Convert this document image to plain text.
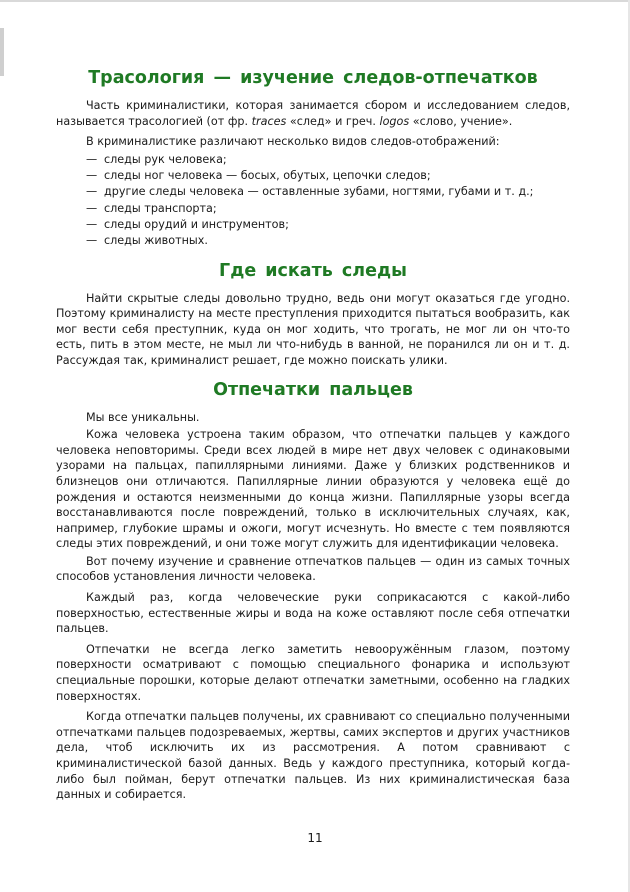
Трасология — изучение следов-отпечатков

Часть криминалистики, которая занимается сбором и исследованием следов, называется трасологией (от фр. traces «след» и греч. logos «слово, учение».

В криминалистике различают несколько видов следов-отображений:

— следы рук человека;
— следы ног человека — босых, обутых, цепочки следов;
— другие следы человека — оставленные зубами, ногтями, губами и т. д.;
— следы транспорта;
— следы орудий и инструментов;
— следы животных.
Где искать следы

Найти скрытые следы довольно трудно, ведь они могут оказаться где угодно. Поэтому криминалисту на месте преступления приходится пытаться вообразить, как мог вести себя преступник, куда он мог ходить, что трогать, не мог ли он что-то есть, пить в этом месте, не мыл ли что-нибудь в ванной, не поранился ли он и т. д. Рассуждая так, криминалист решает, где можно поискать улики.

Отпечатки пальцев

Мы все уникальны.

Кожа человека устроена таким образом, что отпечатки пальцев у каждого человека неповторимы. Среди всех людей в мире нет двух человек с одинаковыми узорами на пальцах, папиллярными линиями. Даже у близких родственников и близнецов они отличаются. Папиллярные линии образуются у человека ещё до рождения и остаются неизменными до конца жизни. Папиллярные узоры всегда восстанавливаются после повреждений, только в исключительных случаях, как, например, глубокие шрамы и ожоги, могут исчезнуть. Но вместе с тем появляются следы этих повреждений, и они тоже могут служить для идентификации человека.

Вот почему изучение и сравнение отпечатков пальцев — один из самых точных способов установления личности человека.

Каждый раз, когда человеческие руки соприкасаются с какой-либо поверхностью, естественные жиры и вода на коже оставляют после себя отпечатки пальцев.

Отпечатки не всегда легко заметить невооружённым глазом, поэтому поверхности осматривают с помощью специального фонарика и используют специальные порошки, которые делают отпечатки заметными, особенно на гладких поверхностях.

Когда отпечатки пальцев получены, их сравнивают со специально полученными отпечатками пальцев подозреваемых, жертвы, самих экспертов и других участников дела, чтоб исключить их из рассмотрения. А потом сравнивают с криминалистической базой данных. Ведь у каждого преступника, который когда-либо был пойман, берут отпечатки пальцев. Из них криминалистическая база данных и собирается.

11
